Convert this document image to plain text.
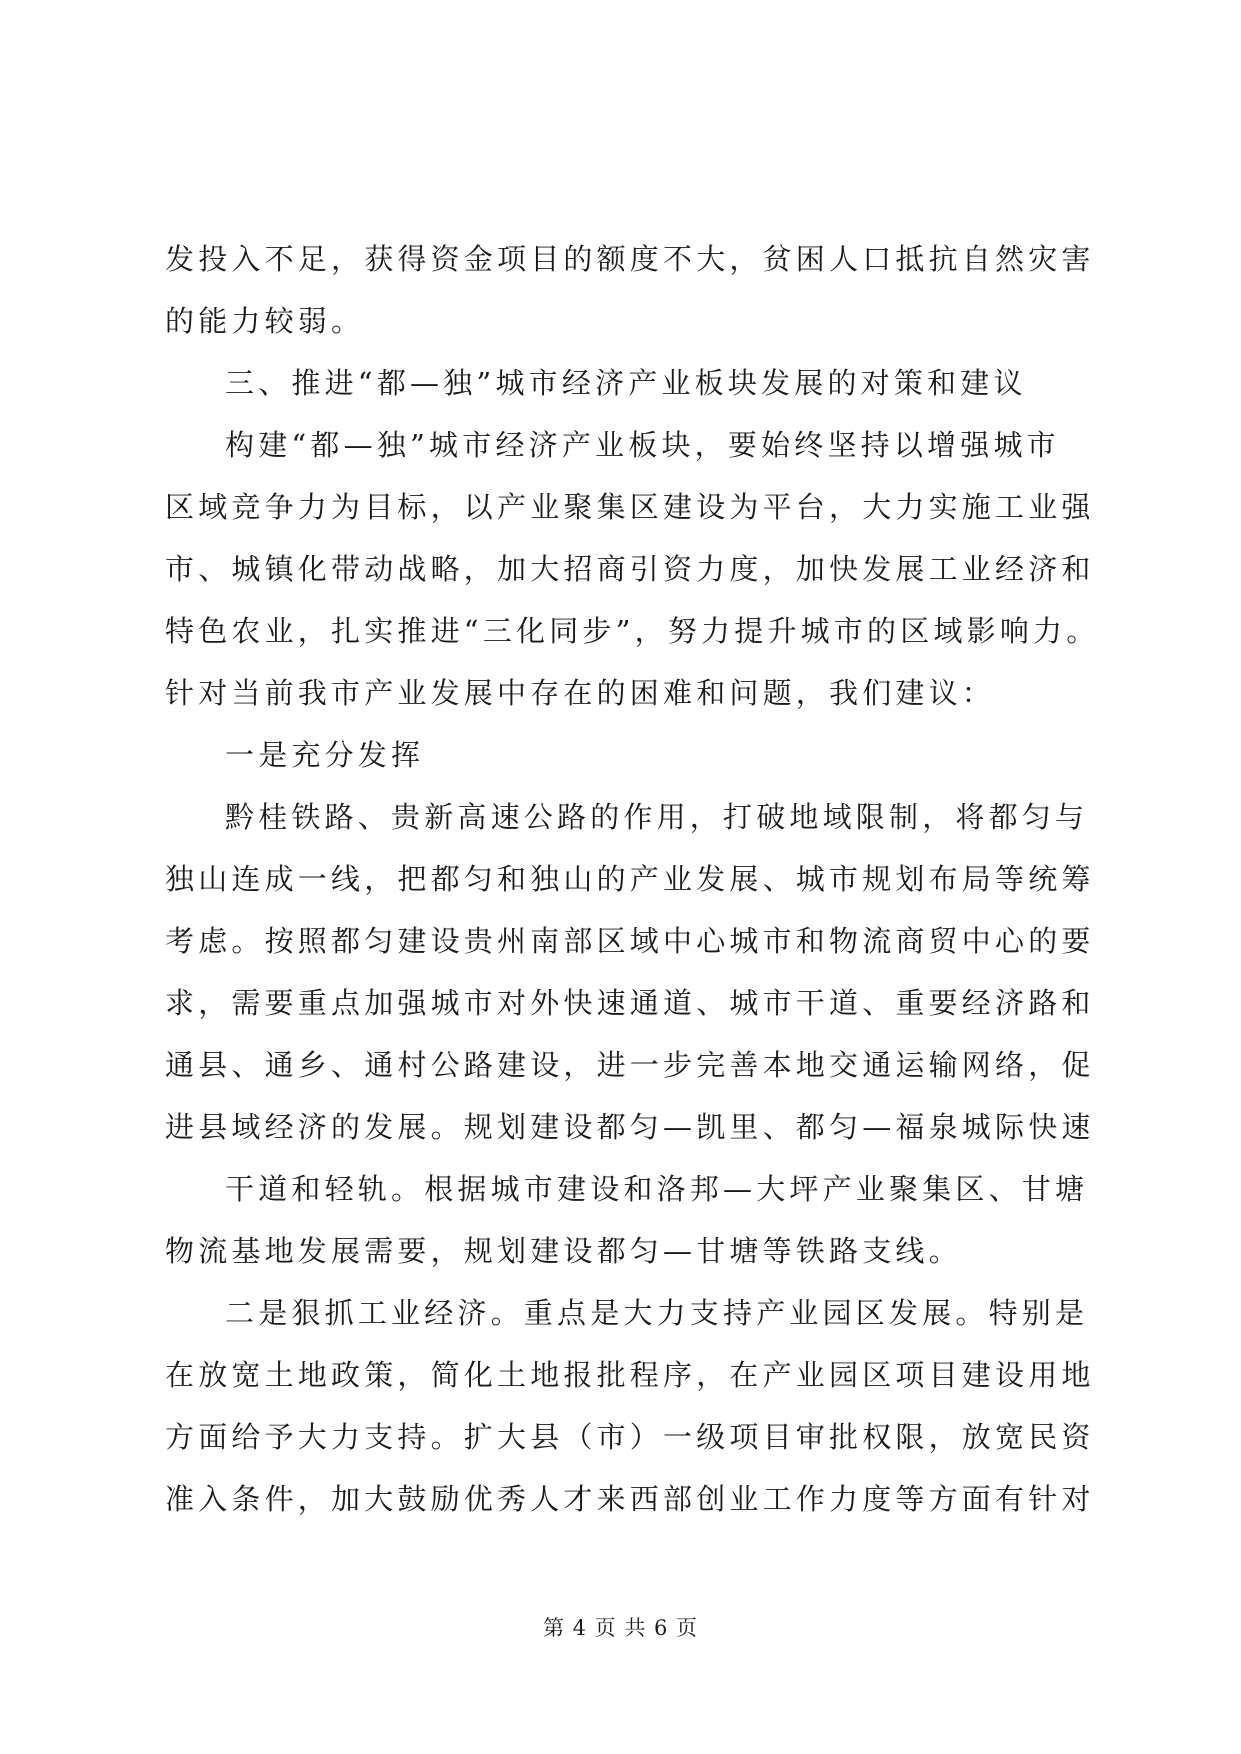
发投入不足，获得资金项目的额度不大，贫困人口抵抗自然灾害
的能力较弱。
三、推进“都—独”城市经济产业板块发展的对策和建议
构建“都—独”城市经济产业板块，要始终坚持以增强城市
区域竞争力为目标，以产业聚集区建设为平台，大力实施工业强
市、城镇化带动战略，加大招商引资力度，加快发展工业经济和
特色农业，扎实推进“三化同步”，努力提升城市的区域影响力。
针对当前我市产业发展中存在的困难和问题，我们建议：
一是充分发挥
黔桂铁路、贵新高速公路的作用，打破地域限制，将都匀与
独山连成一线，把都匀和独山的产业发展、城市规划布局等统筹
考虑。按照都匀建设贵州南部区域中心城市和物流商贸中心的要
求，需要重点加强城市对外快速通道、城市干道、重要经济路和
通县、通乡、通村公路建设，进一步完善本地交通运输网络，促
进县域经济的发展。规划建设都匀—凯里、都匀—福泉城际快速
干道和轻轨。根据城市建设和洛邦—大坪产业聚集区、甘塘
物流基地发展需要，规划建设都匀—甘塘等铁路支线。
二是狠抓工业经济。重点是大力支持产业园区发展。特别是
在放宽土地政策，简化土地报批程序，在产业园区项目建设用地
方面给予大力支持。扩大县（市）一级项目审批权限，放宽民资
准入条件，加大鼓励优秀人才来西部创业工作力度等方面有针对
第 4 页 共 6 页
